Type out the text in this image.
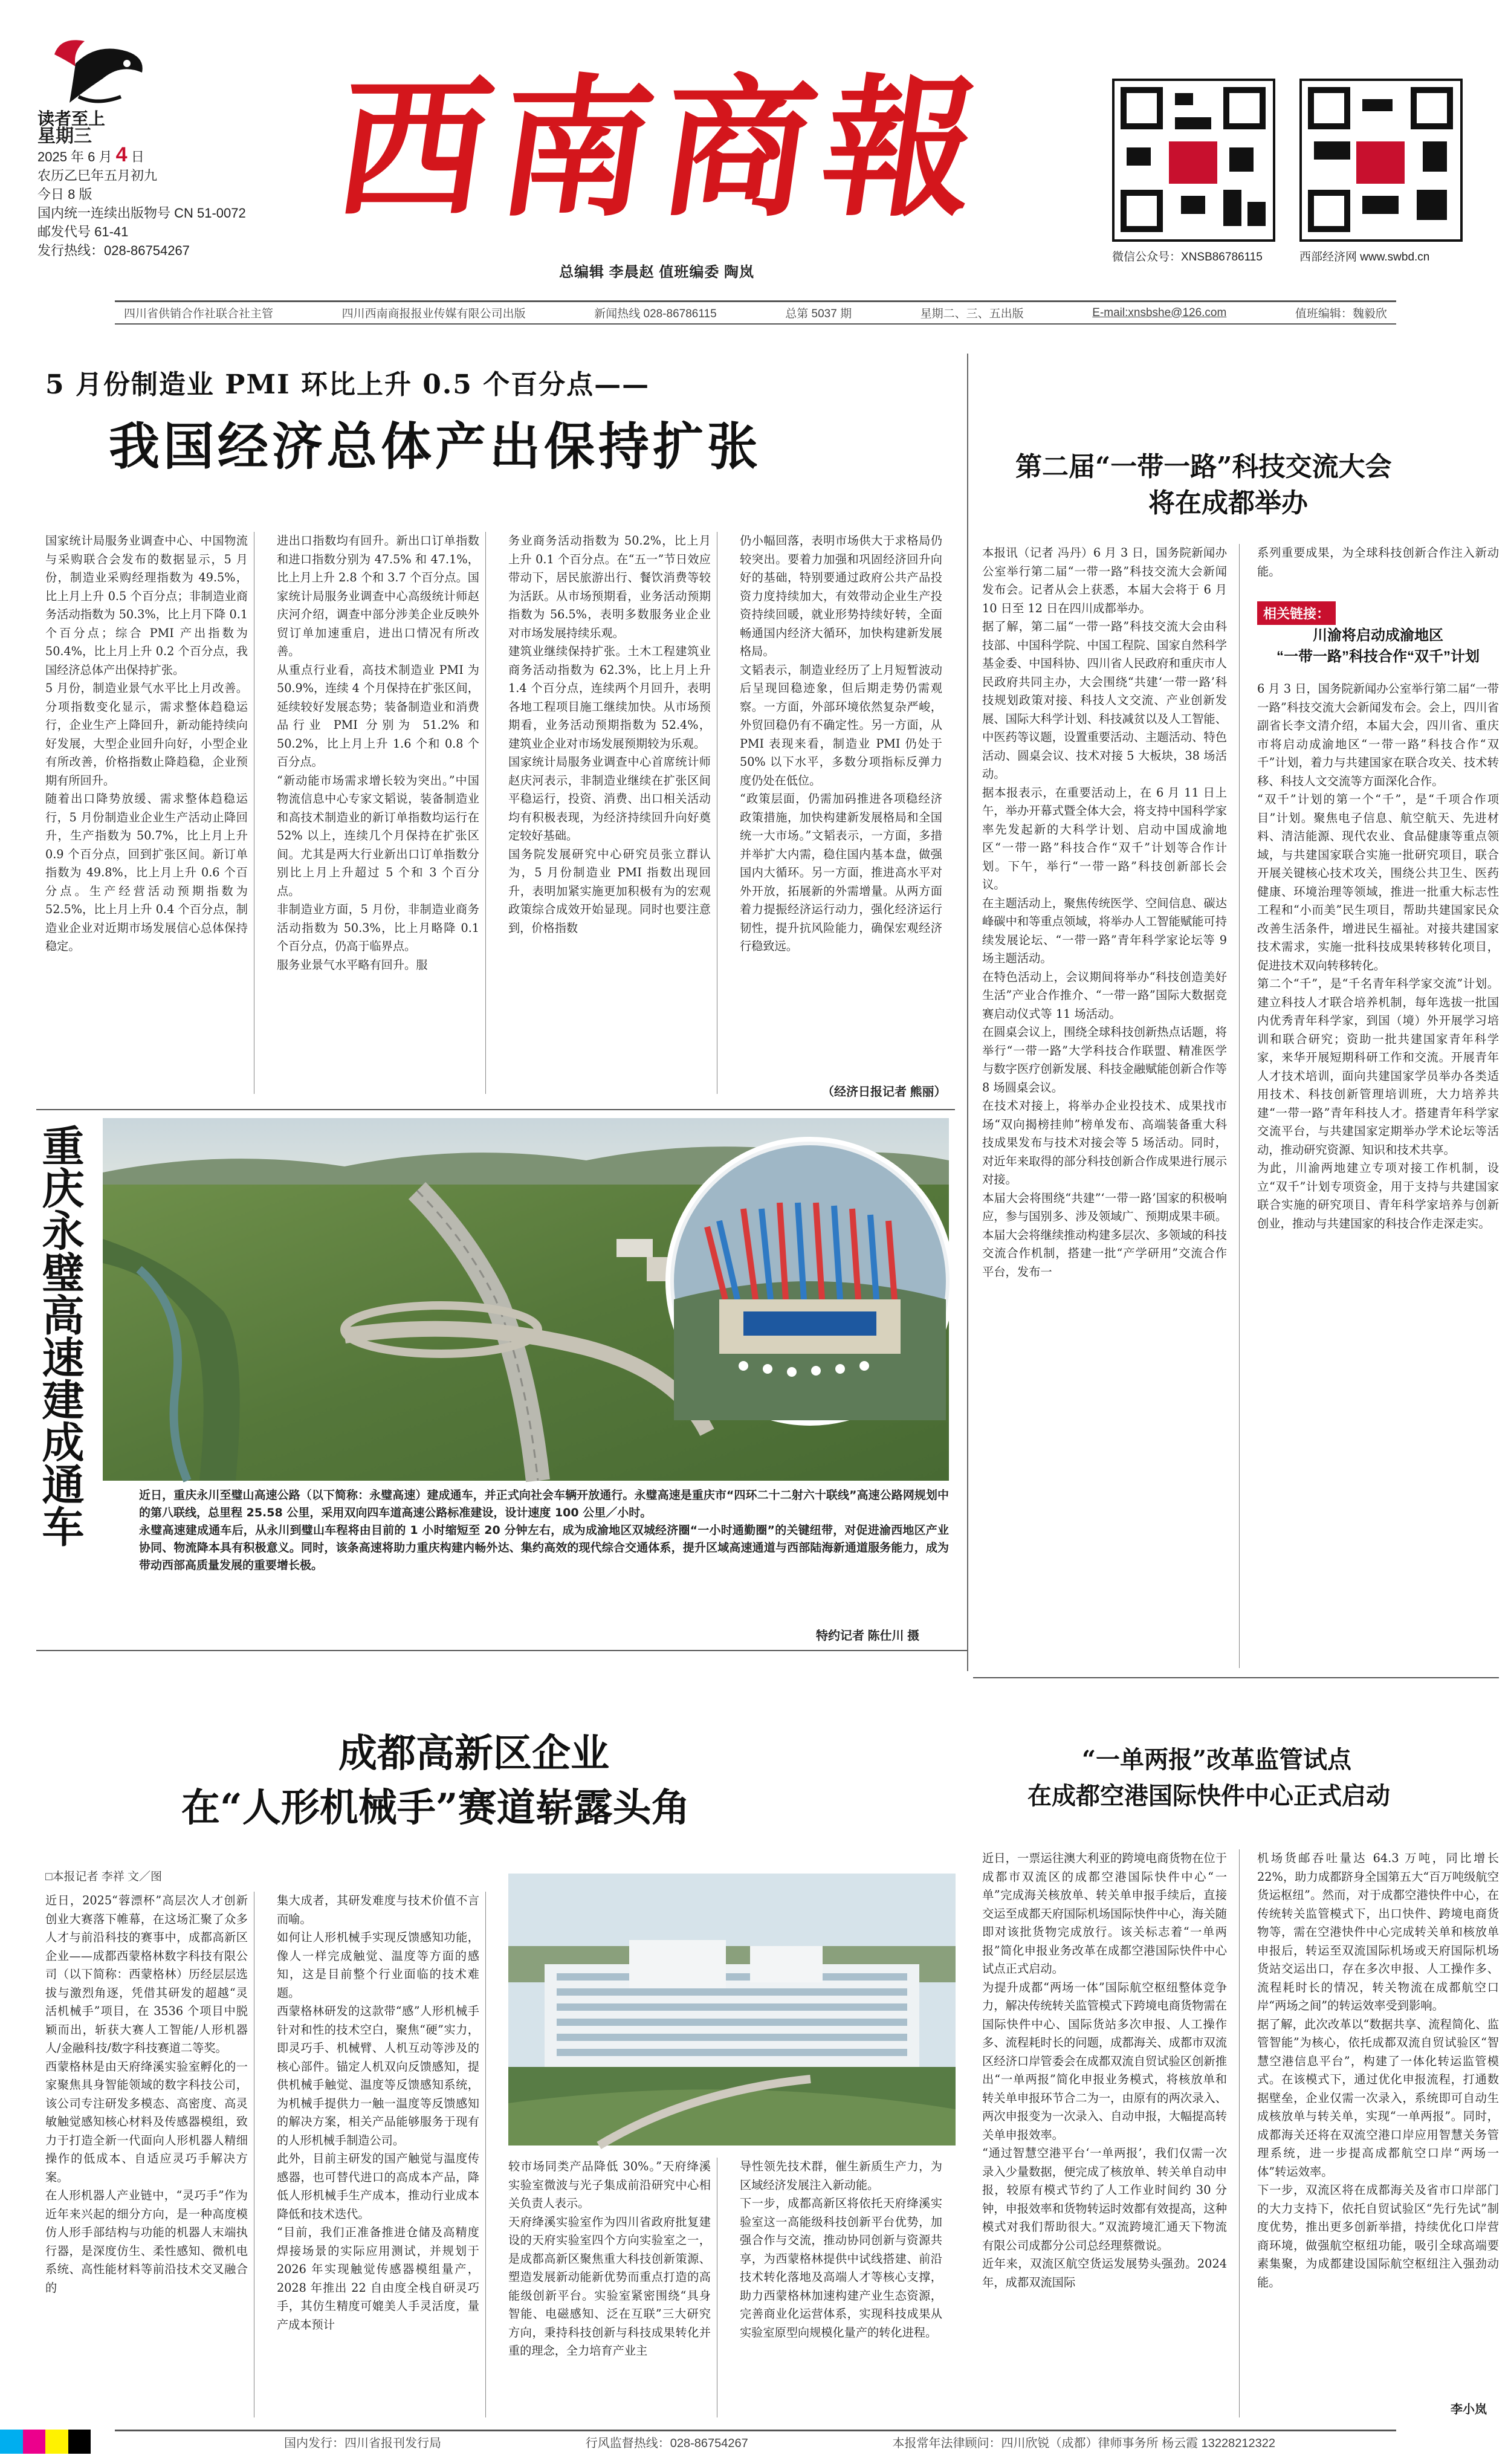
读者至上
星期三
2025 年 6 月 4 日
农历乙巳年五月初九
今日 8 版
国内统一连续出版物号 CN 51-0072
邮发代号 61-41
发行热线：028-86754267
西南商報
总编辑 李晨赵 值班编委 陶岚
微信公众号：XNSB86786115	西部经济网 www.swbd.cn
四川省供销合作社联合社主管	四川西南商报报业传媒有限公司出版	新闻热线 028-86786115	总第 5037 期	星期二、三、五出版	E-mail:xnsbshe@126.com	值班编辑：魏毅欣
5 月份制造业 PMI 环比上升 0.5 个百分点——
我国经济总体产出保持扩张
国家统计局服务业调查中心、中国物流与采购联合会发布的数据显示，5 月份，制造业采购经理指数为 49.5%，比上月上升 0.5 个百分点；非制造业商务活动指数为 50.3%，比上月下降 0.1 个百分点；综合 PMI 产出指数为 50.4%，比上月上升 0.2 个百分点，我国经济总体产出保持扩张。
5 月份，制造业景气水平比上月改善。分项指数变化显示，需求整体趋稳运行，企业生产上降回升，新动能持续向好发展，大型企业回升向好，小型企业有所改善，价格指数止降趋稳，企业预期有所回升。
随着出口降势放缓、需求整体趋稳运行，5 月份制造业企业生产活动止降回升，生产指数为 50.7%，比上月上升 0.9 个百分点，回到扩张区间。新订单指数为 49.8%，比上月上升 0.6 个百分点。生产经营活动预期指数为 52.5%，比上月上升 0.4 个百分点，制造业企业对近期市场发展信心总体保持稳定。
进出口指数均有回升。新出口订单指数和进口指数分别为 47.5% 和 47.1%，比上月上升 2.8 个和 3.7 个百分点。国家统计局服务业调查中心高级统计师赵庆河介绍，调查中部分涉美企业反映外贸订单加速重启，进出口情况有所改善。
从重点行业看，高技术制造业 PMI 为 50.9%，连续 4 个月保持在扩张区间，延续较好发展态势；装备制造业和消费品行业 PMI 分别为 51.2% 和 50.2%，比上月上升 1.6 个和 0.8 个百分点。
“新动能市场需求增长较为突出。”中国物流信息中心专家文韬说，装备制造业和高技术制造业的新订单指数均运行在 52% 以上，连续几个月保持在扩张区间。尤其是两大行业新出口订单指数分别比上月上升超过 5 个和 3 个百分点。
非制造业方面，5 月份，非制造业商务活动指数为 50.3%，比上月略降 0.1 个百分点，仍高于临界点。
服务业景气水平略有回升。服
务业商务活动指数为 50.2%，比上月上升 0.1 个百分点。在“五一”节日效应带动下，居民旅游出行、餐饮消费等较为活跃。从市场预期看，业务活动预期指数为 56.5%，表明多数服务业企业对市场发展持续乐观。
建筑业继续保持扩张。土木工程建筑业商务活动指数为 62.3%，比上月上升 1.4 个百分点，连续两个月回升，表明各地工程项目施工继续加快。从市场预期看，业务活动预期指数为 52.4%，建筑业企业对市场发展预期较为乐观。
国家统计局服务业调查中心首席统计师赵庆河表示，非制造业继续在扩张区间平稳运行，投资、消费、出口相关活动均有积极表现，为经济持续回升向好奠定较好基础。
国务院发展研究中心研究员张立群认为，5 月份制造业 PMI 指数出现回升，表明加紧实施更加积极有为的宏观政策综合成效开始显现。同时也要注意到，价格指数
仍小幅回落，表明市场供大于求格局仍较突出。要着力加强和巩固经济回升向好的基础，特别要通过政府公共产品投资力度持续加大，有效带动企业生产投资持续回暖，就业形势持续好转，全面畅通国内经济大循环，加快构建新发展格局。
文韬表示，制造业经历了上月短暂波动后呈现回稳迹象，但后期走势仍需观察。一方面，外部环境依然复杂严峻，外贸回稳仍有不确定性。另一方面，从 PMI 表现来看，制造业 PMI 仍处于 50% 以下水平，多数分项指标反弹力度仍处在低位。
“政策层面，仍需加码推进各项稳经济政策措施，加快构建新发展格局和全国统一大市场。”文韬表示，一方面，多措并举扩大内需，稳住国内基本盘，做强国内大循环。另一方面，推进高水平对外开放，拓展新的外需增量。从两方面着力提振经济运行动力，强化经济运行韧性，提升抗风险能力，确保宏观经济行稳致远。
（经济日报记者 熊丽）
重庆永璧高速建成通车	近日，重庆永川至璧山高速公路（以下简称：永璧高速）建成通车，并正式向社会车辆开放通行。永璧高速是重庆市“四环二十二射六十联线”高速公路网规划中的第八联线，总里程 25.58 公里，采用双向四车道高速公路标准建设，设计速度 100 公里／小时。
永璧高速建成通车后，从永川到璧山车程将由目前的 1 小时缩短至 20 分钟左右，成为成渝地区双城经济圈“一小时通勤圈”的关键纽带，对促进渝西地区产业协同、物流降本具有积极意义。同时，该条高速将助力重庆构建内畅外达、集约高效的现代综合交通体系，提升区域高速通道与西部陆海新通道服务能力，成为带动西部高质量发展的重要增长极。
特约记者 陈仕川 摄
第二届“一带一路”科技交流大会
将在成都举办
本报讯（记者 冯丹）6 月 3 日，国务院新闻办公室举行第二届“一带一路”科技交流大会新闻发布会。记者从会上获悉，本届大会将于 6 月 10 日至 12 日在四川成都举办。
据了解，第二届“一带一路”科技交流大会由科技部、中国科学院、中国工程院、国家自然科学基金委、中国科协、四川省人民政府和重庆市人民政府共同主办，大会围绕“共建‘一带一路’科技规划政策对接、科技人文交流、产业创新发展、国际大科学计划、科技减贫以及人工智能、中医药等议题，设置重要活动、主题活动、特色活动、圆桌会议、技术对接 5 大板块，38 场活动。
据本报表示，在重要活动上，在 6 月 11 日上午，举办开幕式暨全体大会，将支持中国科学家率先发起新的大科学计划、启动中国成渝地区“一带一路”科技合作“双千”计划等合作计划。下午，举行“一带一路”科技创新部长会议。
在主题活动上，聚焦传统医学、空间信息、碳达峰碳中和等重点领域，将举办人工智能赋能可持续发展论坛、“一带一路”青年科学家论坛等 9 场主题活动。
在特色活动上，会议期间将举办“科技创造美好生活”产业合作推介、“一带一路”国际大数据竞赛启动仪式等 11 场活动。
在圆桌会议上，围绕全球科技创新热点话题，将举行“一带一路”大学科技合作联盟、精准医学与数字医疗创新发展、科技金融赋能创新合作等 8 场圆桌会议。
在技术对接上，将举办企业投技术、成果找市场“双向揭榜挂帅”榜单发布、高端装备重大科技成果发布与技术对接会等 5 场活动。同时，对近年来取得的部分科技创新合作成果进行展示对接。
本届大会将围绕“共建”‘一带一路’国家的积极响应，参与国别多、涉及领域广、预期成果丰硕。本届大会将继续推动构建多层次、多领域的科技交流合作机制，搭建一批“产学研用”交流合作平台，发布一
系列重要成果，为全球科技创新合作注入新动能。
相关链接：
川渝将启动成渝地区
“一带一路”科技合作“双千”计划
6 月 3 日，国务院新闻办公室举行第二届“一带一路”科技交流大会新闻发布会。会上，四川省副省长李文清介绍，本届大会，四川省、重庆市将启动成渝地区“一带一路”科技合作“双千”计划，着力与共建国家在联合攻关、技术转移、科技人文交流等方面深化合作。
“双千”计划的第一个“千”，是“千项合作项目”计划。聚焦电子信息、航空航天、先进材料、清洁能源、现代农业、食品健康等重点领域，与共建国家联合实施一批研究项目，联合开展关键核心技术攻关，围绕公共卫生、医药健康、环境治理等领域，推进一批重大标志性工程和“小而美”民生项目，帮助共建国家民众改善生活条件，增进民生福祉。对接共建国家技术需求，实施一批科技成果转移转化项目，促进技术双向转移转化。
第二个“千”，是“千名青年科学家交流”计划。建立科技人才联合培养机制，每年选拔一批国内优秀青年科学家，到国（境）外开展学习培训和联合研究；资助一批共建国家青年科学家，来华开展短期科研工作和交流。开展青年人才技术培训，面向共建国家学员举办各类适用技术、科技创新管理培训班，大力培养共建“一带一路”青年科技人才。搭建青年科学家交流平台，与共建国家定期举办学术论坛等活动，推动研究资源、知识和技术共享。
为此，川渝两地建立专项对接工作机制，设立“双千”计划专项资金，用于支持与共建国家联合实施的研究项目、青年科学家培养与创新创业，推动与共建国家的科技合作走深走实。
“一单两报”改革监管试点
在成都空港国际快件中心正式启动
近日，一票运往澳大利亚的跨境电商货物在位于成都市双流区的成都空港国际快件中心“一单”完成海关核放单、转关单申报手续后，直接交运至成都天府国际机场国际快件中心，海关随即对该批货物完成放行。该关标志着“一单两报”简化申报业务改革在成都空港国际快件中心试点正式启动。
为提升成都“两场一体”国际航空枢纽整体竞争力，解决传统转关监管模式下跨境电商货物需在国际快件中心、国际货站多次申报、人工操作多、流程耗时长的问题，成都海关、成都市双流区经济口岸管委会在成都双流自贸试验区创新推出“一单两报”简化申报业务模式，将核放单和转关单申报环节合二为一，由原有的两次录入、两次申报变为一次录入、自动申报，大幅提高转关单申报效率。
“通过智慧空港平台‘一单两报’，我们仅需一次录入少量数据，便完成了核放单、转关单自动申报，较原有模式节约了人工作业时间约 30 分钟，申报效率和货物转运时效都有效提高，这种模式对我们帮助很大。”双流跨境汇通天下物流有限公司成都分公司总经理蔡微说。
近年来，双流区航空货运发展势头强劲。2024 年，成都双流国际
机场货邮吞吐量达 64.3 万吨，同比增长 22%，助力成都跻身全国第五大“百万吨级航空货运枢纽”。然而，对于成都空港快件中心，在传统转关监管模式下，出口快件、跨境电商货物等，需在空港快件中心完成转关单和核放单申报后，转运至双流国际机场或天府国际机场货站交运出口，存在多次申报、人工操作多、流程耗时长的情况，转关物流在成都航空口岸“两场之间”的转运效率受到影响。
据了解，此次改革以“数据共享、流程简化、监管智能”为核心，依托成都双流自贸试验区“智慧空港信息平台”，构建了一体化转运监管模式。在该模式下，通过优化申报流程，打通数据壁垒，企业仅需一次录入，系统即可自动生成核放单与转关单，实现“一单两报”。同时，成都海关还将在双流空港口岸应用智慧关务管理系统，进一步提高成都航空口岸“两场一体”转运效率。
下一步，双流区将在成都海关及省市口岸部门的大力支持下，依托自贸试验区“先行先试”制度优势，推出更多创新举措，持续优化口岸营商环境，做强航空枢纽功能，吸引全球高端要素集聚，为成都建设国际航空枢纽注入强劲动能。
李小岚
成都高新区企业
在“人形机械手”赛道崭露头角
□本报记者 李祥 文／图
近日，2025“蓉漂杯”高层次人才创新创业大赛落下帷幕，在这场汇聚了众多人才与前沿科技的赛事中，成都高新区企业——成都西蒙格林数字科技有限公司（以下简称：西蒙格林）历经层层选拔与激烈角逐，凭借其研发的超越“灵活机械手”项目，在 3536 个项目中脱颖而出，斩获大赛人工智能/人形机器人/金融科技/数字科技赛道二等奖。
西蒙格林是由天府绛溪实验室孵化的一家聚焦具身智能领域的数字科技公司，该公司专注研发多模态、高密度、高灵敏触觉感知核心材料及传感器模组，致力于打造全新一代面向人形机器人精细操作的低成本、自适应灵巧手解决方案。
在人形机器人产业链中，“灵巧手”作为近年来兴起的细分方向，是一种高度模仿人形手部结构与功能的机器人末端执行器，是深度仿生、柔性感知、微机电系统、高性能材料等前沿技术交叉融合的
集大成者，其研发难度与技术价值不言而喻。
如何让人形机械手实现反馈感知功能，像人一样完成触觉、温度等方面的感知，这是目前整个行业面临的技术难题。
西蒙格林研发的这款带“感”人形机械手针对和性的技术空白，聚焦“硬”实力，即灵巧手、机械臂、人机互动等涉及的核心部件。锚定人机双向反馈感知，提供机械手触觉、温度等反馈感知系统，为机械手提供力一触一温度等反馈感知的解决方案，相关产品能够服务于现有的人形机械手制造公司。
此外，目前主研发的国产触觉与温度传感器，也可替代进口的高成本产品，降低人形机械手生产成本，推动行业成本降低和技术迭代。
“目前，我们正准备推进仓储及高精度焊接场景的实际应用测试，并规划于 2026 年实现触觉传感器模组量产，2028 年推出 22 自由度全栈自研灵巧手，其仿生精度可媲美人手灵活度，量产成本预计
较市场同类产品降低 30%。”天府绛溪实验室微波与光子集成前沿研究中心相关负责人表示。
天府绛溪实验室作为四川省政府批复建设的天府实验室四个方向实验室之一，是成都高新区聚焦重大科技创新策源、塑造发展新动能新优势而重点打造的高能级创新平台。实验室紧密围绕“具身智能、电磁感知、泛在互联”三大研究方向，秉持科技创新与科技成果转化并重的理念，全力培育产业主
导性领先技术群，催生新质生产力，为区域经济发展注入新动能。
下一步，成都高新区将依托天府绛溪实验室这一高能级科技创新平台优势，加强合作与交流，推动协同创新与资源共享，为西蒙格林提供中试线搭建、前沿技术转化落地及高端人才等核心支撑，助力西蒙格林加速构建产业生态资源，完善商业化运营体系，实现科技成果从实验室原型向规模化量产的转化进程。
国内发行：四川省报刊发行局	行风监督热线：028-86754267	本报常年法律顾问：四川欣锐（成都）律师事务所 杨云霞 13228212322
